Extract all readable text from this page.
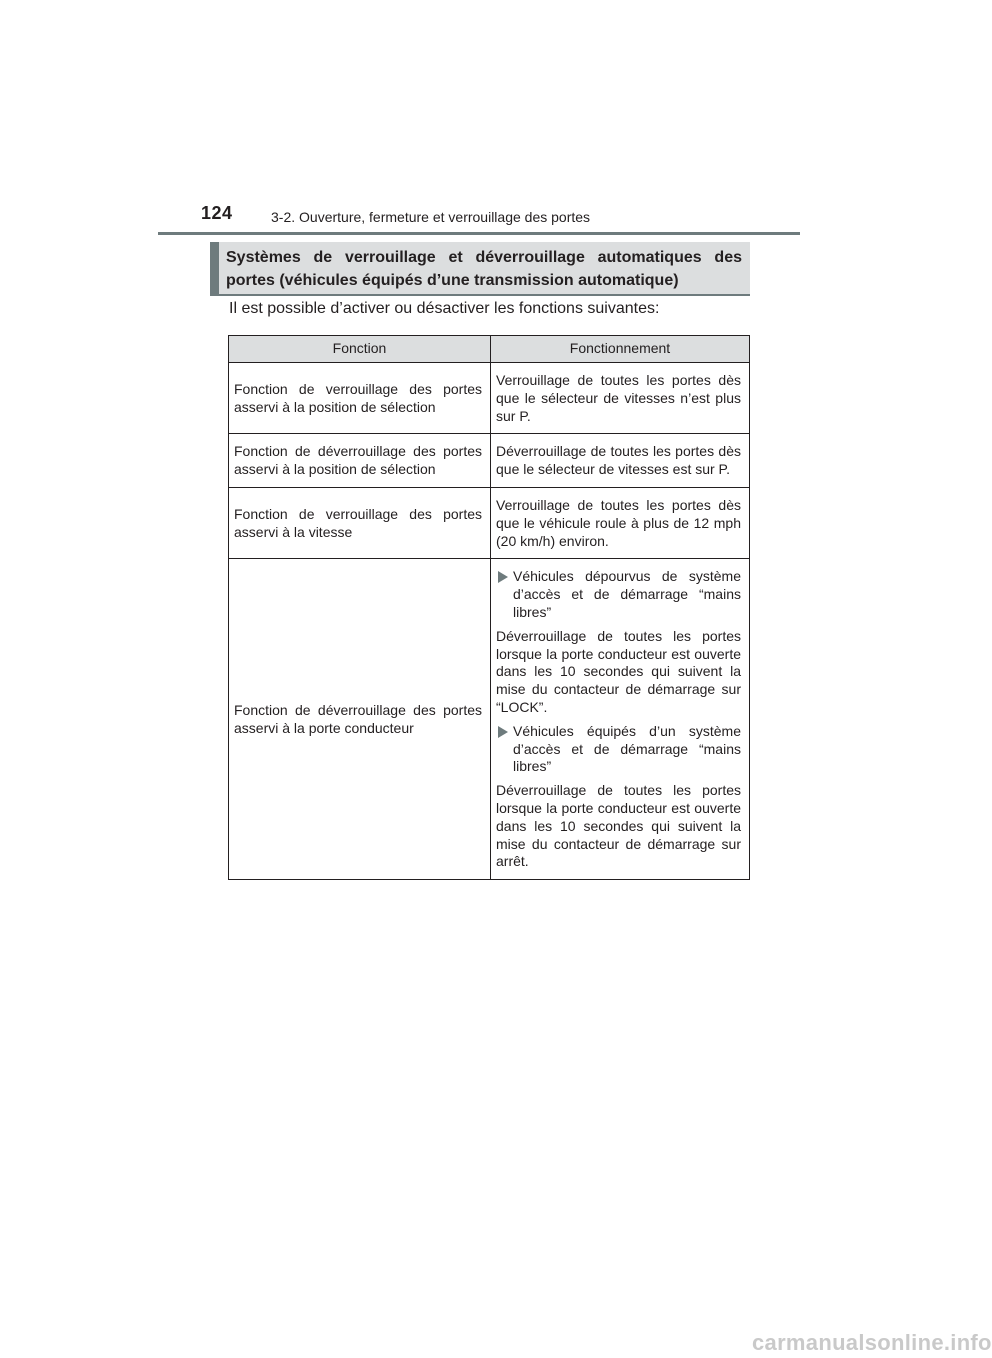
124	3-2. Ouverture, fermeture et verrouillage des portes
Systèmes de verrouillage et déverrouillage automatiques des portes (véhicules équipés d’une transmission automatique)
Il est possible d’activer ou désactiver les fonctions suivantes:
Fonction	Fonctionnement
Fonction de verrouillage des portes asservi à la position de sélection	Verrouillage de toutes les portes dès que le sélecteur de vitesses n’est plus sur P.

Fonction de déverrouillage des portes asservi à la position de sélection	Déverrouillage de toutes les portes dès que le sélecteur de vitesses est sur P.

Fonction de verrouillage des portes asservi à la vitesse	Verrouillage de toutes les portes dès que le véhicule roule à plus de 12 mph (20 km/h) environ.

Fonction de déverrouillage des portes asservi à la porte conducteur	Véhicules dépourvus de système d’accès et de démarrage “mains libres”
Déverrouillage de toutes les portes lorsque la porte conducteur est ouverte dans les 10 secondes qui suivent la mise du contacteur de démarrage sur “LOCK”.
Véhicules équipés d’un système d’accès et de démarrage “mains libres”
Déverrouillage de toutes les portes lorsque la porte conducteur est ouverte dans les 10 secondes qui suivent la mise du contacteur de démarrage sur arrêt.
carmanualsonline.info
